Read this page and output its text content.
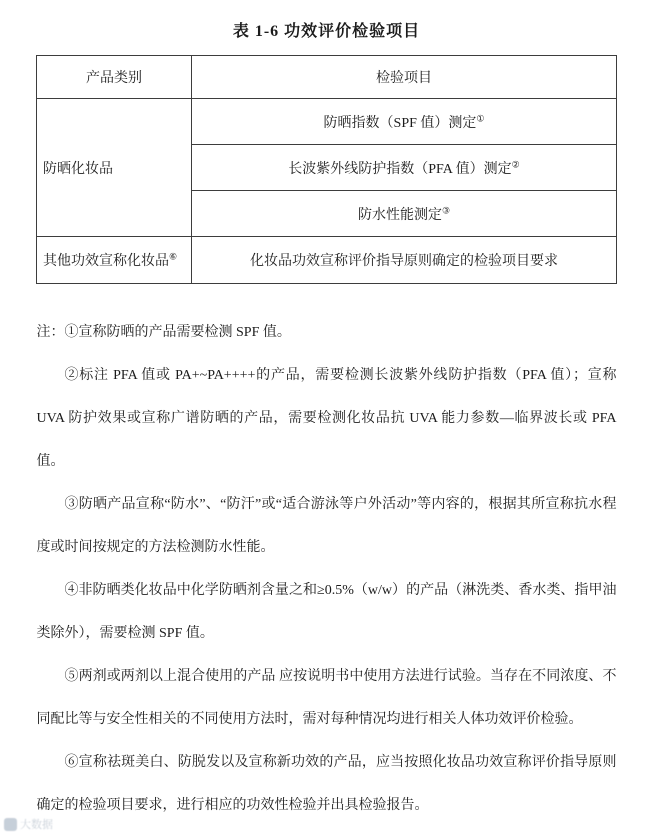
表 1-6 功效评价检验项目
产品类别	检验项目
防晒化妆品	防晒指数（SPF 值）测定①
	长波紫外线防护指数（PFA 值）测定②
	防水性能测定③
其他功效宣称化妆品⑥	化妆品功效宣称评价指导原则确定的检验项目要求

注：①宣称防晒的产品需要检测 SPF 值。

②标注 PFA 值或 PA+~PA++++的产品，需要检测长波紫外线防护指数（PFA 值）；宣称 UVA 防护效果或宣称广谱防晒的产品，需要检测化妆品抗 UVA 能力参数—临界波长或 PFA 值。

③防晒产品宣称“防水”、“防汗”或“适合游泳等户外活动”等内容的，根据其所宣称抗水程度或时间按规定的方法检测防水性能。

④非防晒类化妆品中化学防晒剂含量之和≥0.5%（w/w）的产品（淋洗类、香水类、指甲油类除外），需要检测 SPF 值。

⑤两剂或两剂以上混合使用的产品 应按说明书中使用方法进行试验。当存在不同浓度、不同配比等与安全性相关的不同使用方法时，需对每种情况均进行相关人体功效评价检验。

⑥宣称祛斑美白、防脱发以及宣称新功效的产品，应当按照化妆品功效宣称评价指导原则确定的检验项目要求，进行相应的功效性检验并出具检验报告。

大数据
